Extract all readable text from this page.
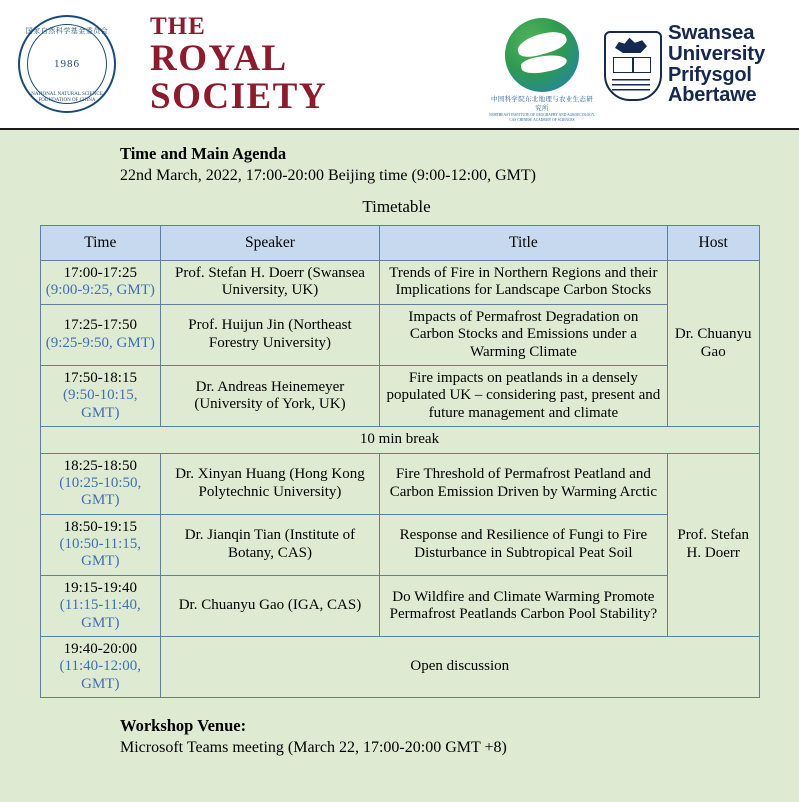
国家自然科学基金委员会
1986
NATIONAL NATURAL SCIENCE FOUNDATION OF CHINA
THE
ROYAL
SOCIETY	中国科学院东北地理与农业生态研究所
NORTHEAST INSTITUTE OF GEOGRAPHY AND AGROECOLOGY, CAS CHINESE ACADEMY OF SCIENCES
Swansea
University
Prifysgol
Abertawe
Time and Main Agenda
22nd March, 2022, 17:00-20:00 Beijing time (9:00-12:00, GMT)
Timetable
Time	Speaker	Title	Host

17:00-17:25
(9:00-9:25, GMT)	Prof. Stefan H. Doerr (Swansea University, UK)	Trends of Fire in Northern Regions and their Implications for Landscape Carbon Stocks	Dr. Chuanyu Gao

17:25-17:50
(9:25-9:50, GMT)	Prof. Huijun Jin (Northeast Forestry University)	Impacts of Permafrost Degradation on Carbon Stocks and Emissions under a Warming Climate	

17:50-18:15
(9:50-10:15, GMT)	Dr. Andreas Heinemeyer (University of York, UK)	Fire impacts on peatlands in a densely populated UK – considering past, present and future management and climate	
10 min break			

18:25-18:50
(10:25-10:50, GMT)	Dr. Xinyan Huang (Hong Kong Polytechnic University)	Fire Threshold of Permafrost Peatland and Carbon Emission Driven by Warming Arctic	Prof. Stefan H. Doerr

18:50-19:15
(10:50-11:15, GMT)	Dr. Jianqin Tian (Institute of Botany, CAS)	Response and Resilience of Fungi to Fire Disturbance in Subtropical Peat Soil	

19:15-19:40
(11:15-11:40, GMT)	Dr. Chuanyu Gao (IGA, CAS)	Do Wildfire and Climate Warming Promote Permafrost Peatlands Carbon Pool Stability?	

19:40-20:00
(11:40-12:00, GMT)	Open discussion		
Workshop Venue:
Microsoft Teams meeting (March 22, 17:00-20:00 GMT +8)
